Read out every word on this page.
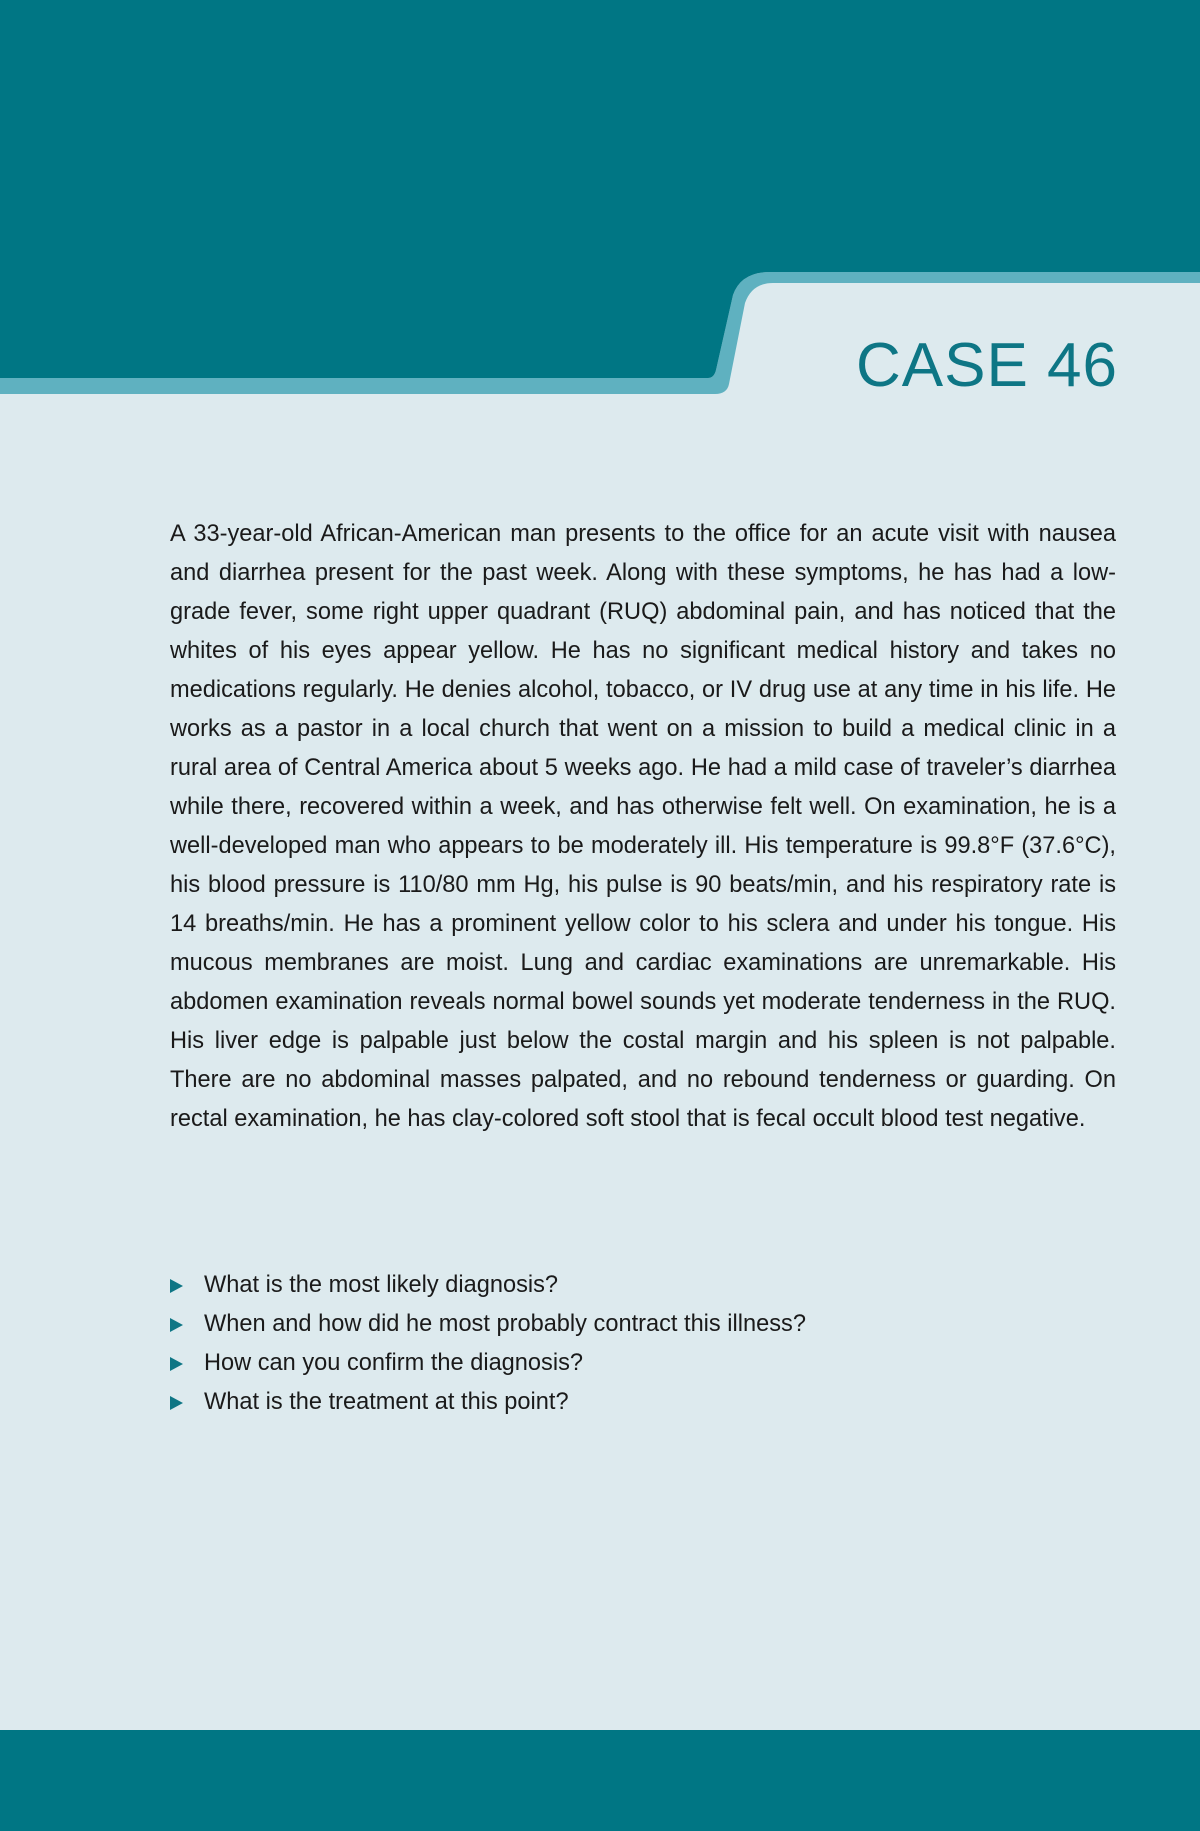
CASE 46

A 33-year-old African-American man presents to the office for an acute visit with nausea and diarrhea present for the past week. Along with these symptoms, he has had a low-grade fever, some right upper quadrant (RUQ) abdominal pain, and has noticed that the whites of his eyes appear yellow. He has no significant medical history and takes no medications regularly. He denies alcohol, tobacco, or IV drug use at any time in his life. He works as a pastor in a local church that went on a mission to build a medical clinic in a rural area of Central America about 5 weeks ago. He had a mild case of traveler’s diarrhea while there, recovered within a week, and has otherwise felt well. On examination, he is a well-developed man who appears to be moderately ill. His temperature is 99.8°F (37.6°C), his blood pressure is 110/80 mm Hg, his pulse is 90 beats/min, and his respiratory rate is 14 breaths/min. He has a prominent yellow color to his sclera and under his tongue. His mucous membranes are moist. Lung and cardiac examinations are unremarkable. His abdomen examination reveals normal bowel sounds yet moderate tenderness in the RUQ. His liver edge is palpable just below the costal margin and his spleen is not palpable. There are no abdominal masses palpated, and no rebound tenderness or guarding. On rectal examination, he has clay-colored soft stool that is fecal occult blood test negative.

What is the most likely diagnosis?
When and how did he most probably contract this illness?
How can you confirm the diagnosis?
What is the treatment at this point?
